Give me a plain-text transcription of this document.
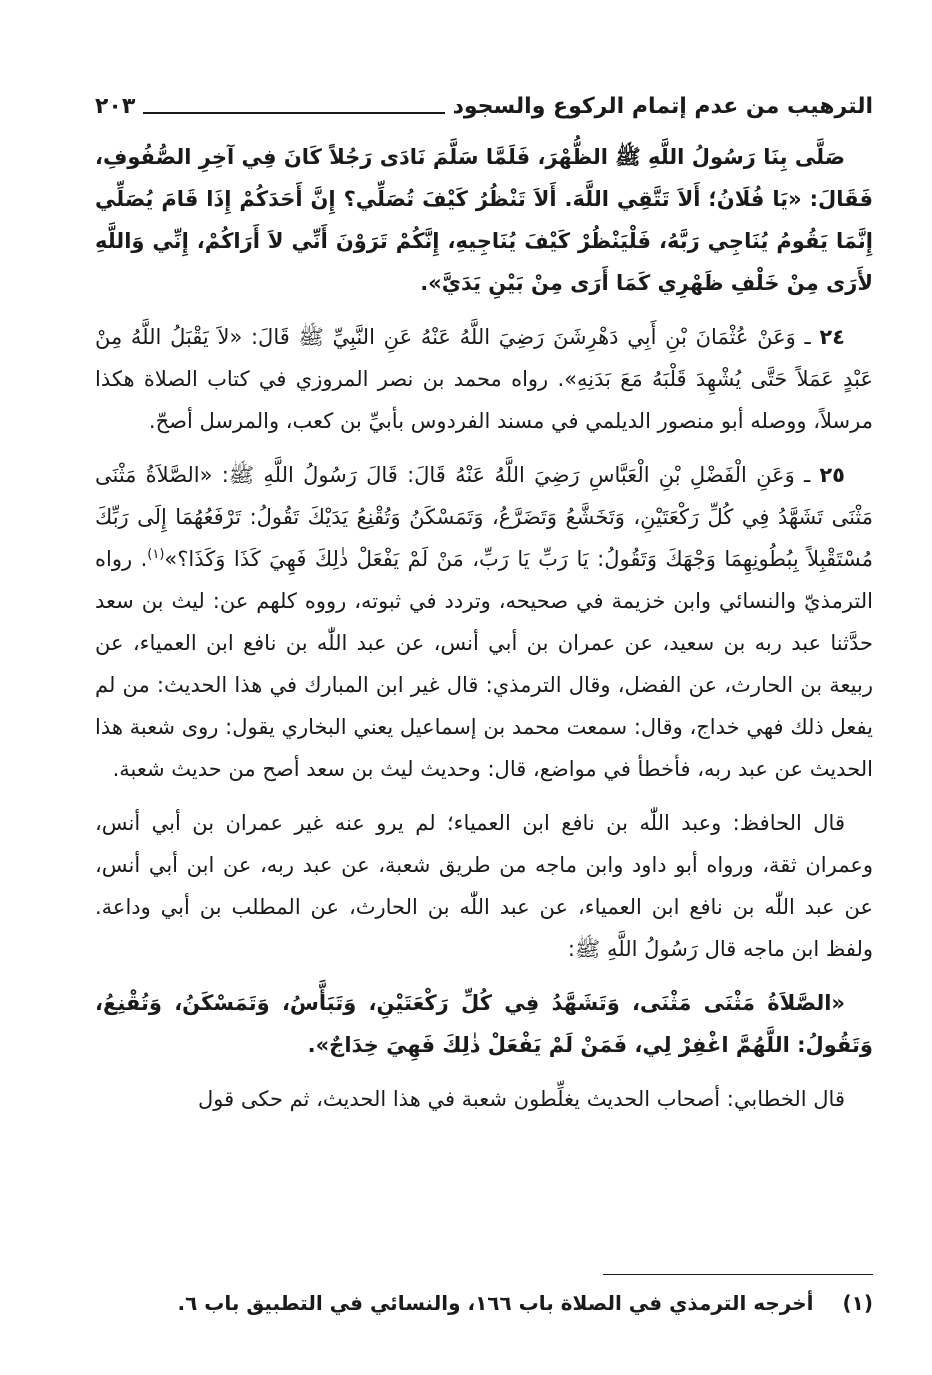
الترهيب من عدم إتمام الركوع والسجود
٢٠٣

صَلَّى بِنَا رَسُولُ اللَّهِ ﷺ الظُّهْرَ، فَلَمَّا سَلَّمَ نَادَى رَجُلاً كَانَ فِي آخِرِ الصُّفُوفِ، فَقَالَ: «يَا فُلَانُ؛ أَلاَ تَتَّقِي اللَّهَ. أَلاَ تَنْظُرُ كَيْفَ تُصَلِّي؟ إِنَّ أَحَدَكُمْ إِذَا قَامَ يُصَلِّي إِنَّمَا يَقُومُ يُنَاجِي رَبَّهُ، فَلْيَنْظُرْ كَيْفَ يُنَاجِيهِ، إِنَّكُمْ تَرَوْنَ أَنِّي لاَ أَرَاكُمْ، إِنِّي وَاللَّهِ لأَرَى مِنْ خَلْفِ ظَهْرِي كَمَا أَرَى مِنْ بَيْنِ يَدَيَّ».

٢٤ ـ وَعَنْ عُثْمَانَ بْنِ أَبِي دَهْرِشَنَ رَضِيَ اللَّهُ عَنْهُ عَنِ النَّبِيِّ ﷺ قَالَ: «لاَ يَقْبَلُ اللَّهُ مِنْ عَبْدٍ عَمَلاً حَتَّى يُشْهِدَ قَلْبَهُ مَعَ بَدَنِهِ». رواه محمد بن نصر المروزي في كتاب الصلاة هكذا مرسلاً، ووصله أبو منصور الديلمي في مسند الفردوس بأبيِّ بن كعب، والمرسل أصحّ.

٢٥ ـ وَعَنِ الْفَضْلِ بْنِ الْعَبَّاسِ رَضِيَ اللَّهُ عَنْهُ قَالَ: قَالَ رَسُولُ اللَّهِ ﷺ: «الصَّلاَةُ مَثْنَى مَثْنَى تَشَهَّدُ فِي كُلِّ رَكْعَتَيْنِ، وَتَخَشَّعُ وَتَضَرَّعُ، وَتَمَسْكَنُ وَتُقْنِعُ يَدَيْكَ تَقُولُ: تَرْفَعُهُمَا إِلَى رَبِّكَ مُسْتَقْبِلاً بِبُطُونِهِمَا وَجْهَكَ وَتَقُولُ: يَا رَبِّ يَا رَبِّ، مَنْ لَمْ يَفْعَلْ ذٰلِكَ فَهِيَ كَذَا وَكَذَا؟»$^{(١)}$. رواه الترمذيّ والنسائي وابن خزيمة في صحيحه، وتردد في ثبوته، رووه كلهم عن: ليث بن سعد حدَّثنا عبد ربه بن سعيد، عن عمران بن أبي أنس، عن عبد اللّٰه بن نافع ابن العمياء، عن ربيعة بن الحارث، عن الفضل، وقال الترمذي: قال غير ابن المبارك في هذا الحديث: من لم يفعل ذلك فهي خداج، وقال: سمعت محمد بن إسماعيل يعني البخاري يقول: روى شعبة هذا الحديث عن عبد ربه، فأخطأ في مواضع، قال: وحديث ليث بن سعد أصح من حديث شعبة.

قال الحافظ: وعبد اللّٰه بن نافع ابن العمياء؛ لم يرو عنه غير عمران بن أبي أنس، وعمران ثقة، ورواه أبو داود وابن ماجه من طريق شعبة، عن عبد ربه، عن ابن أبي أنس، عن عبد اللّٰه بن نافع ابن العمياء، عن عبد اللّٰه بن الحارث، عن المطلب بن أبي وداعة. ولفظ ابن ماجه قال رَسُولُ اللَّهِ ﷺ:

«الصَّلاَةُ مَثْنَى مَثْنَى، وَتَشَهَّدُ فِي كُلِّ رَكْعَتَيْنِ، وَتَبَأَّسُ، وَتَمَسْكَنُ، وَتُقْنِعُ، وَتَقُولُ: اللَّهُمَّ اغْفِرْ لِي، فَمَنْ لَمْ يَفْعَلْ ذٰلِكَ فَهِيَ خِدَاجٌ».

قال الخطابي: أصحاب الحديث يغلِّطون شعبة في هذا الحديث، ثم حكى قول

(١) أخرجه الترمذي في الصلاة باب ١٦٦، والنسائي في التطبيق باب ٦.
